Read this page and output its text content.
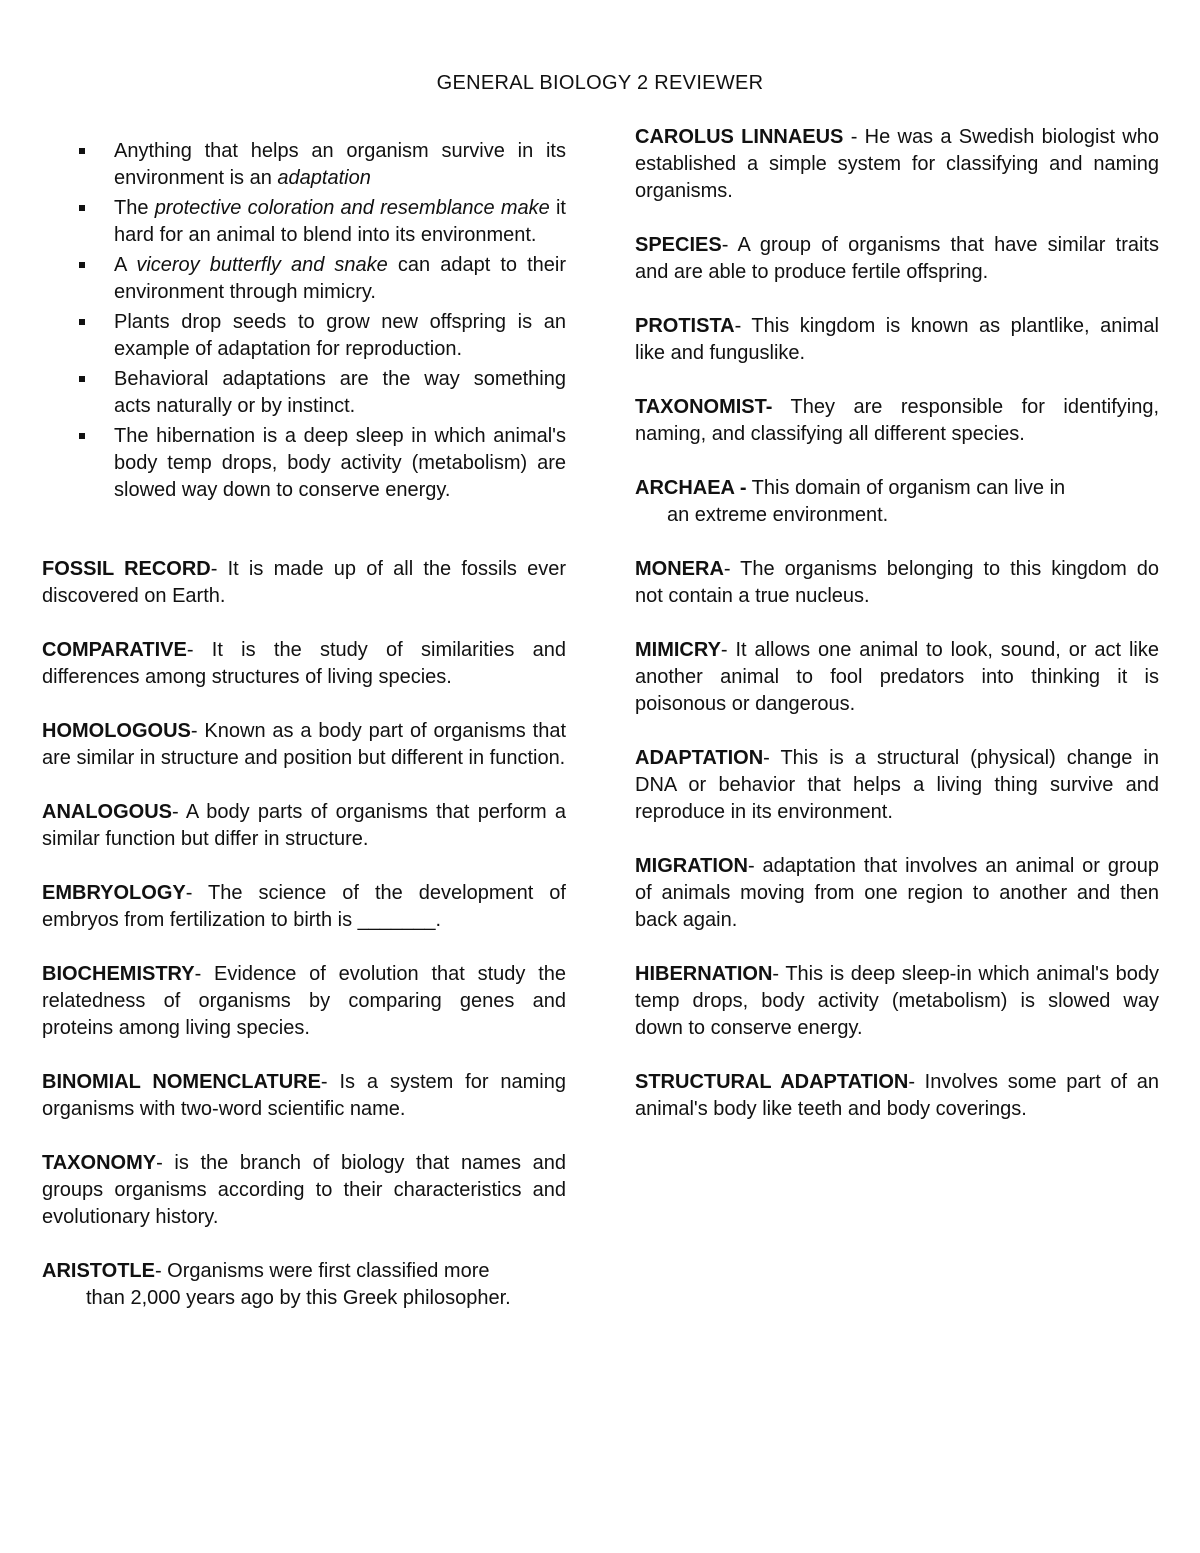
GENERAL BIOLOGY 2 REVIEWER
Anything that helps an organism survive in its environment is an adaptation
The protective coloration and resemblance make it hard for an animal to blend into its environment.
A viceroy butterfly and snake can adapt to their environment through mimicry.
Plants drop seeds to grow new offspring is an example of adaptation for reproduction.
Behavioral adaptations are the way something acts naturally or by instinct.
The hibernation is a deep sleep in which animal's body temp drops, body activity (metabolism) are slowed way down to conserve energy.

FOSSIL RECORD- It is made up of all the fossils ever discovered on Earth.

COMPARATIVE- It is the study of similarities and differences among structures of living species.

HOMOLOGOUS- Known as a body part of organisms that are similar in structure and position but different in function.

ANALOGOUS- A body parts of organisms that perform a similar function but differ in structure.

EMBRYOLOGY- The science of the development of embryos from fertilization to birth is _______.

BIOCHEMISTRY- Evidence of evolution that study the relatedness of organisms by comparing genes and proteins among living species.

BINOMIAL NOMENCLATURE- Is a system for naming organisms with two-word scientific name.

TAXONOMY- is the branch of biology that names and groups organisms according to their characteristics and evolutionary history.

ARISTOTLE- Organisms were first classified more
than 2,000 years ago by this Greek philosopher.

CAROLUS LINNAEUS - He was a Swedish biologist who established a simple system for classifying and naming organisms.

SPECIES- A group of organisms that have similar traits and are able to produce fertile offspring.

PROTISTA- This kingdom is known as plantlike, animal like and funguslike.

TAXONOMIST- They are responsible for identifying, naming, and classifying all different species.

ARCHAEA - This domain of organism can live in
an extreme environment.

MONERA- The organisms belonging to this kingdom do not contain a true nucleus.

MIMICRY- It allows one animal to look, sound, or act like another animal to fool predators into thinking it is poisonous or dangerous.

ADAPTATION- This is a structural (physical) change in DNA or behavior that helps a living thing survive and reproduce in its environment.

MIGRATION- adaptation that involves an animal or group of animals moving from one region to another and then back again.

HIBERNATION- This is deep sleep-in which animal's body temp drops, body activity (metabolism) is slowed way down to conserve energy.

STRUCTURAL ADAPTATION- Involves some part of an animal's body like teeth and body coverings.
